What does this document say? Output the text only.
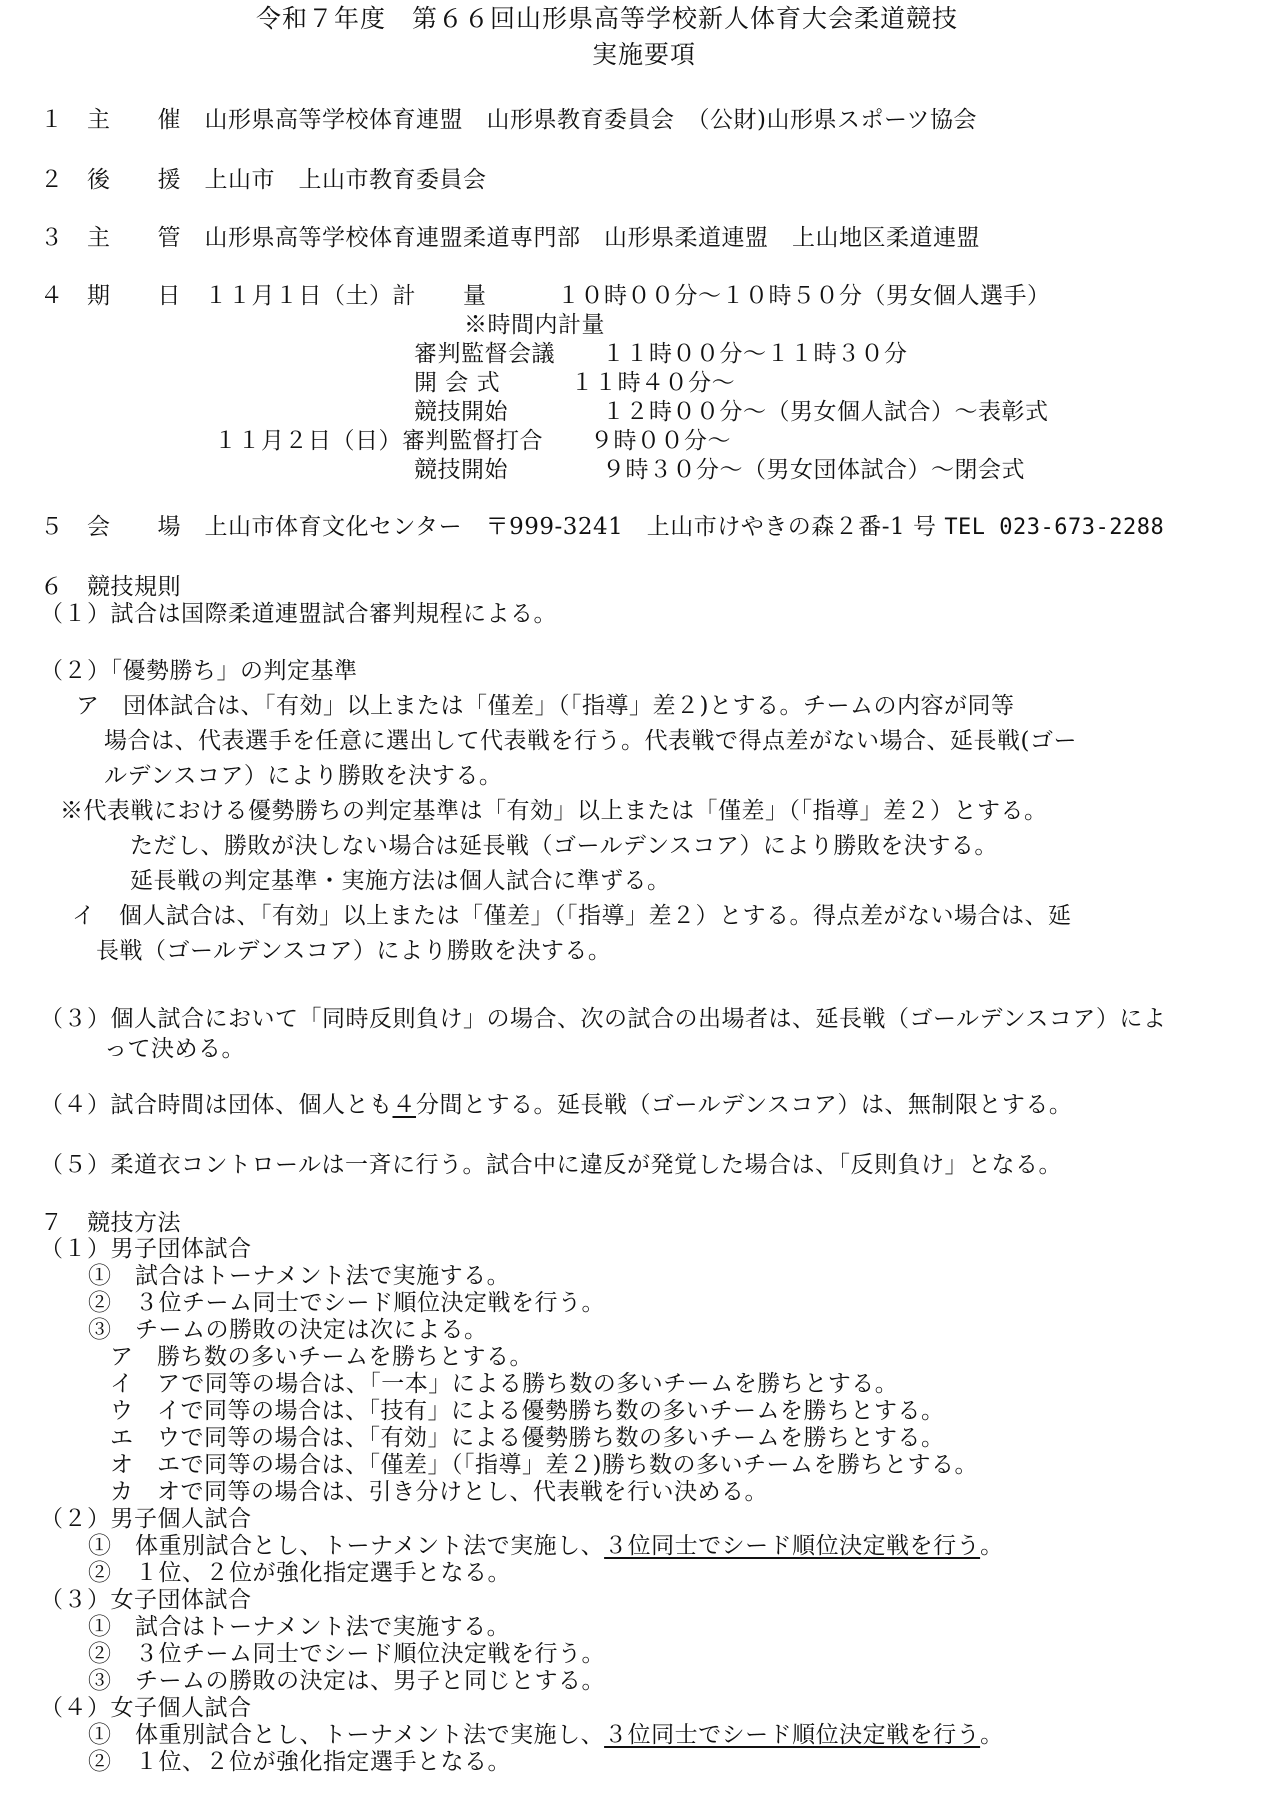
令和７年度　第６６回山形県高等学校新人体育大会柔道競技
実施要項
１　主　　催　山形県高等学校体育連盟　山形県教育委員会　（公財)山形県スポーツ協会
２　後　　援　上山市　上山市教育委員会
３　主　　管　山形県高等学校体育連盟柔道専門部　山形県柔道連盟　上山地区柔道連盟
４　期　　日　１１月１日（土）計　　量　　　１０時００分～１０時５０分（男女個人選手）
※時間内計量
審判監督会議　　１１時００分～１１時３０分
開 会 式　　　１１時４０分～
競技開始　　　　１２時００分～（男女個人試合）～表彰式
１１月２日（日）審判監督打合　　９時００分～
競技開始　　　　９時３０分～（男女団体試合）～閉会式
５　会　　場　上山市体育文化センター　〒999-3241　上山市けやきの森２番-1 号 TEL 023-673-2288
６　競技規則
（１）試合は国際柔道連盟試合審判規程による。
（２）「優勢勝ち」の判定基準
ア　団体試合は、「有効」以上または「僅差」（「指導」差２)とする。チームの内容が同等
場合は、代表選手を任意に選出して代表戦を行う。代表戦で得点差がない場合、延長戦(ゴー
ルデンスコア）により勝敗を決する。
※代表戦における優勢勝ちの判定基準は「有効」以上または「僅差」（「指導」差２）とする。
ただし、勝敗が決しない場合は延長戦（ゴールデンスコア）により勝敗を決する。
延長戦の判定基準・実施方法は個人試合に準ずる。
イ　個人試合は、「有効」以上または「僅差」（「指導」差２）とする。得点差がない場合は、延
長戦（ゴールデンスコア）により勝敗を決する。
（３）個人試合において「同時反則負け」の場合、次の試合の出場者は、延長戦（ゴールデンスコア）によ
って決める。
（４）試合時間は団体、個人とも４分間とする。延長戦（ゴールデンスコア）は、無制限とする。
（５）柔道衣コントロールは一斉に行う。試合中に違反が発覚した場合は、「反則負け」となる。
７　競技方法
（１）男子団体試合
①　試合はトーナメント法で実施する。
②　３位チーム同士でシード順位決定戦を行う。
③　チームの勝敗の決定は次による。
ア　勝ち数の多いチームを勝ちとする。
イ　アで同等の場合は、「一本」による勝ち数の多いチームを勝ちとする。
ウ　イで同等の場合は、「技有」による優勢勝ち数の多いチームを勝ちとする。
エ　ウで同等の場合は、「有効」による優勢勝ち数の多いチームを勝ちとする。
オ　エで同等の場合は、「僅差」（「指導」差２)勝ち数の多いチームを勝ちとする。
カ　オで同等の場合は、引き分けとし、代表戦を行い決める。
（２）男子個人試合
①　体重別試合とし、トーナメント法で実施し、３位同士でシード順位決定戦を行う。
②　１位、２位が強化指定選手となる。
（３）女子団体試合
①　試合はトーナメント法で実施する。
②　３位チーム同士でシード順位決定戦を行う。
③　チームの勝敗の決定は、男子と同じとする。
（４）女子個人試合
①　体重別試合とし、トーナメント法で実施し、３位同士でシード順位決定戦を行う。
②　１位、２位が強化指定選手となる。
